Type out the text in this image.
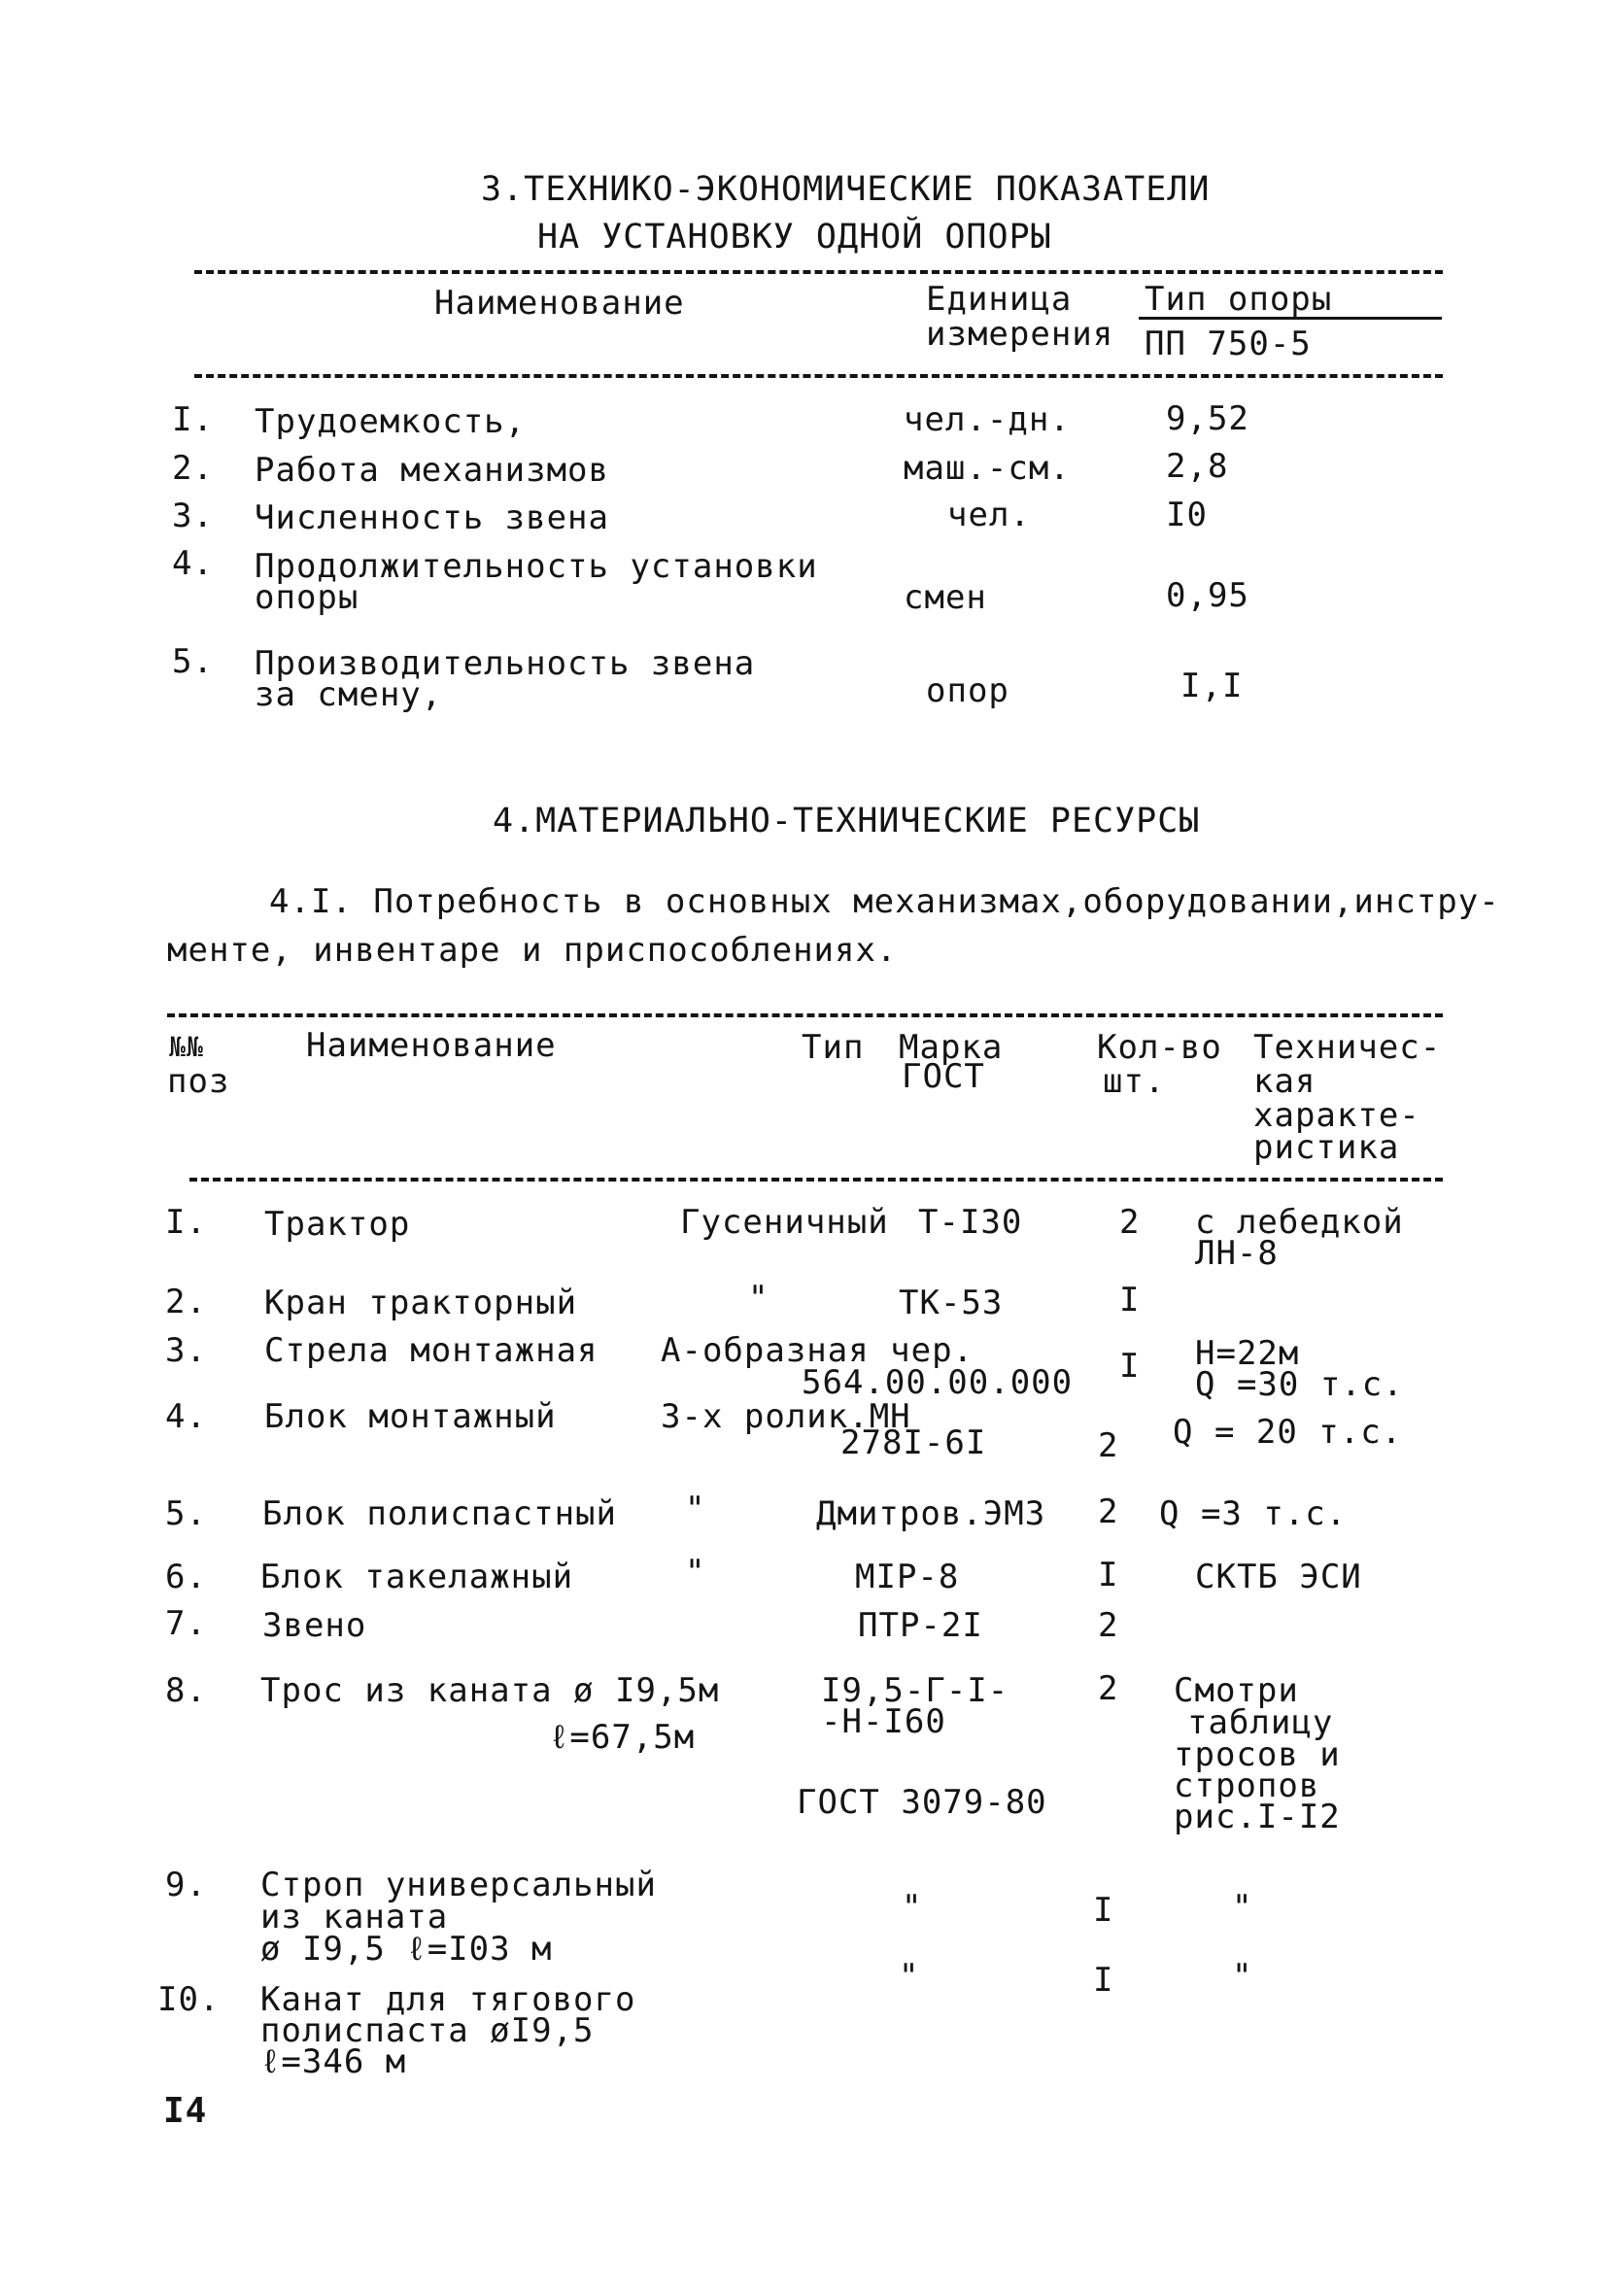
3.ТЕХНИКО-ЭКОНОМИЧЕСКИЕ ПОКАЗАТЕЛИ
НА УСТАНОВКУ ОДНОЙ ОПОРЫ
Наименование	Единица
измерения
Тип опоры
ПП 750-5
I. Трудоемкость,	чел.-дн.	9,52
2. Работа механизмов	маш.-см.	2,8
3. Численность звена	чел.	I0
4. Продолжительность установки
опоры	смен	0,95
5. Производительность звена
за смену,	опор	I,I
4.МАТЕРИАЛЬНО-ТЕХНИЧЕСКИЕ РЕСУРСЫ
4.I. Потребность в основных механизмах,оборудовании,инстру-
менте, инвентаре и приспособлениях.
№№
поз
Наименование	Тип Марка
ГОСТ
Кол-во
шт.
Техничес-
кая
характе-
ристика
I. Трактор	Гусеничный Т-I30	2 с лебедкой
ЛН-8
2. Кран тракторный	"	ТК-53	I
3. Стрела монтажная А-образная чер.
564.00.00.000 I Н=22м
Q =30 т.с.
4. Блок монтажный	3-х ролик.МН
278I-6I	2 Q = 20 т.с.
5. Блок полиспастный "	Дмитров.ЭМЗ 2 Q =3 т.с.
6. Блок такелажный	"	MIP-8	I СКТБ ЭСИ
7. Звено	ПТР-2I	2
8. Трос из каната ø I9,5м
ℓ=67,5м
I9,5-Г-I-
-Н-I60
ГОСТ 3079-80
2 Смотри
таблицу
тросов и
стропов
рис.I-I2
9. Строп универсальный
из каната
ø I9,5 ℓ=I03 м
"	I	"
I0. Канат для тягового
полиспаста øI9,5
ℓ=346 м
"	I	"
I4
